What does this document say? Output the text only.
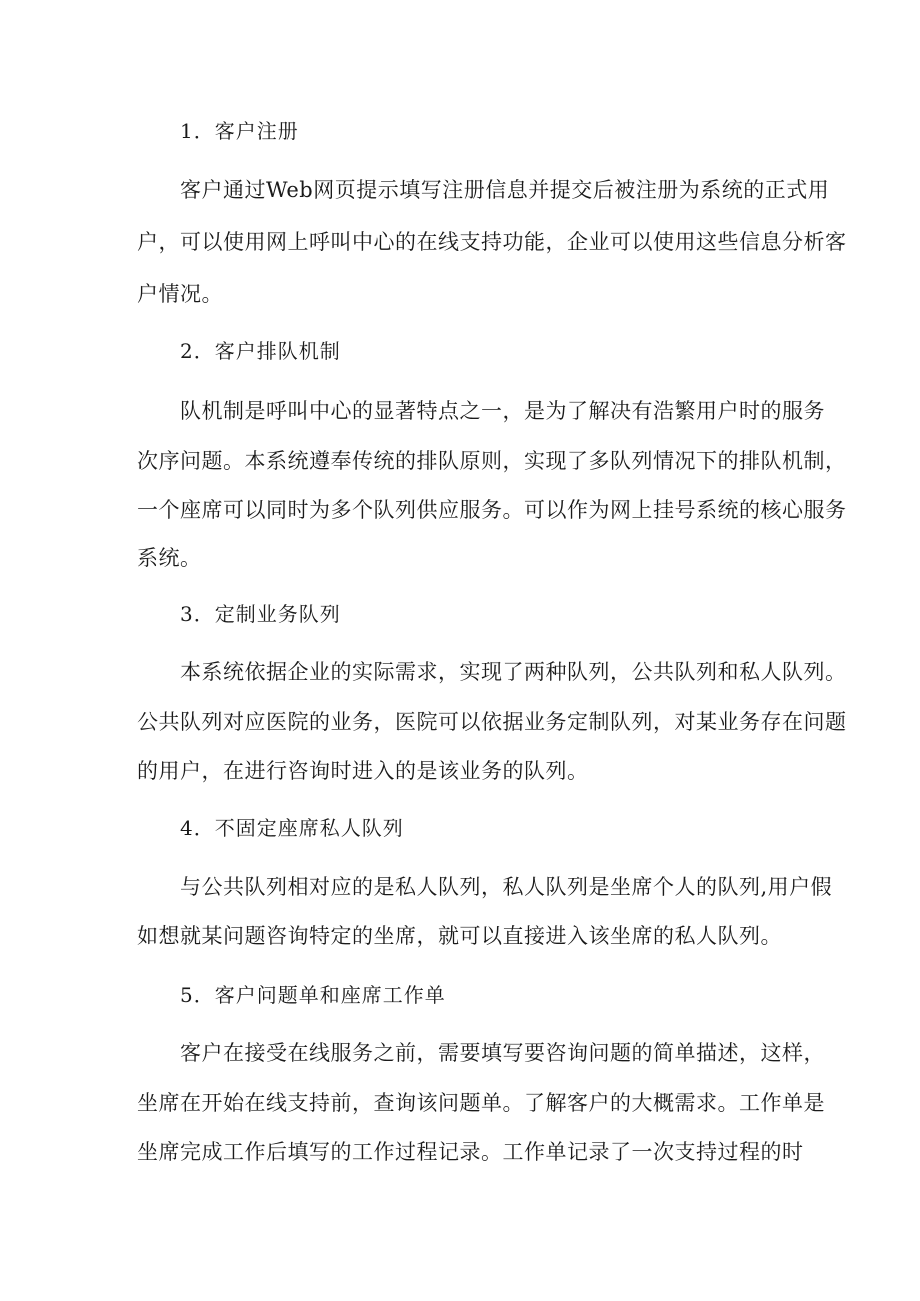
1．客户注册
客户通过Web网页提示填写注册信息并提交后被注册为系统的正式用
户，可以使用网上呼叫中心的在线支持功能，企业可以使用这些信息分析客
户情况。
2．客户排队机制
队机制是呼叫中心的显著特点之一，是为了解决有浩繁用户时的服务
次序问题。本系统遵奉传统的排队原则，实现了多队列情况下的排队机制，
一个座席可以同时为多个队列供应服务。可以作为网上挂号系统的核心服务
系统。
3．定制业务队列
本系统依据企业的实际需求，实现了两种队列，公共队列和私人队列。
公共队列对应医院的业务，医院可以依据业务定制队列，对某业务存在问题
的用户，在进行咨询时进入的是该业务的队列。
4．不固定座席私人队列
与公共队列相对应的是私人队列，私人队列是坐席个人的队列,用户假
如想就某问题咨询特定的坐席，就可以直接进入该坐席的私人队列。
5．客户问题单和座席工作单
客户在接受在线服务之前，需要填写要咨询问题的简单描述，这样，
坐席在开始在线支持前，查询该问题单。了解客户的大概需求。工作单是
坐席完成工作后填写的工作过程记录。工作单记录了一次支持过程的时
